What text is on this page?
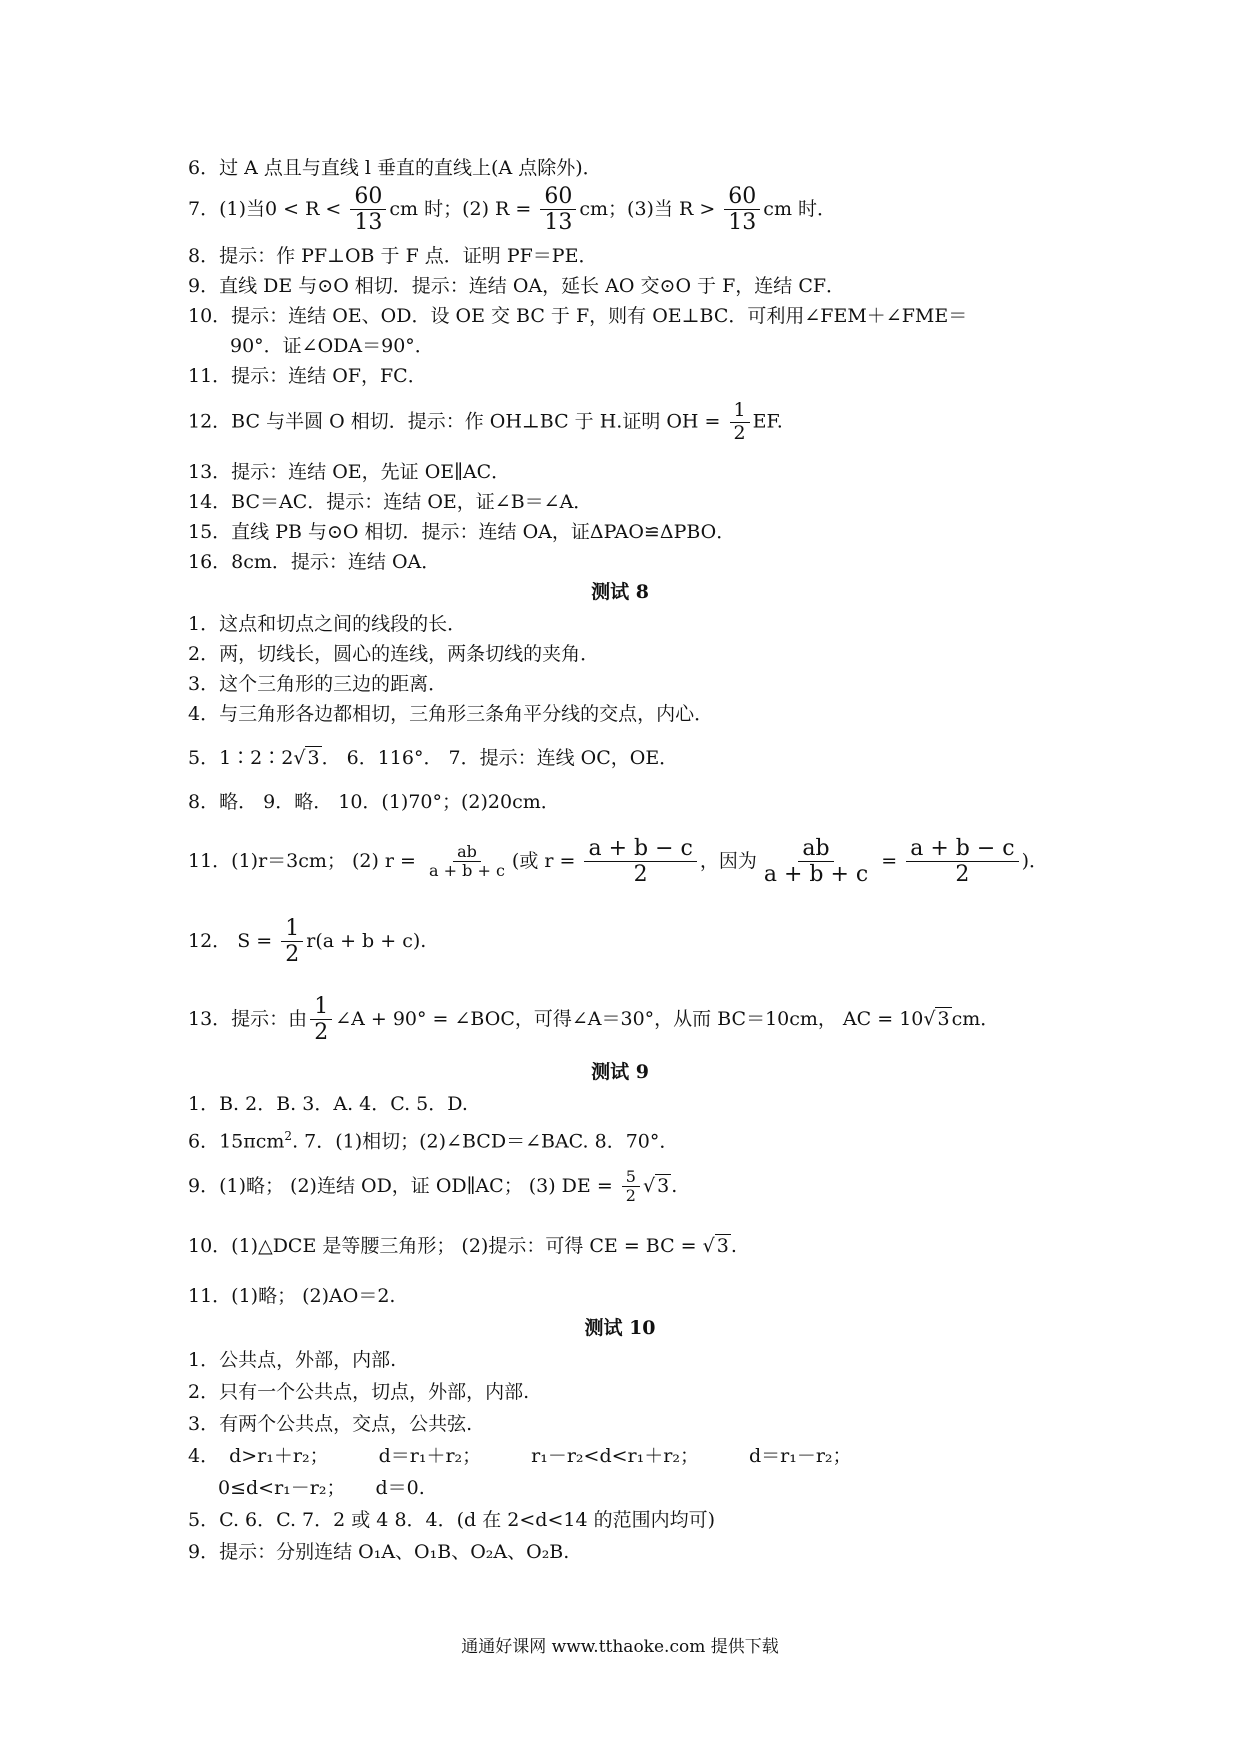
6．过 A 点且与直线 l 垂直的直线上(A 点除外)．
7．(1)当$0 < R < \frac{60}{13}$ cm 时；(2) $R = \frac{60}{13}$ cm；(3)当 $R > \frac{60}{13}$ cm 时．
8．提示：作 PF⊥OB 于 F 点．证明 PF＝PE．
9．直线 DE 与⊙O 相切．提示：连结 OA，延长 AO 交⊙O 于 F，连结 CF．
10．提示：连结 OE、OD．设 OE 交 BC 于 F，则有 OE⊥BC．可利用∠FEM＋∠FME＝
90°．证∠ODA＝90°．
11．提示：连结 OF，FC．
12．BC 与半圆 O 相切．提示：作 OH⊥BC 于 H.证明 OH = $\frac{1}{2}$ EF.
13．提示：连结 OE，先证 OE∥AC．
14．BC＝AC．提示：连结 OE，证∠B＝∠A．
15．直线 PB 与⊙O 相切．提示：连结 OA，证ΔPAO≌ΔPBO．
16．8cm．提示：连结 OA．
测试 8
1．这点和切点之间的线段的长．
2．两，切线长，圆心的连线，两条切线的夹角．
3．这个三角形的三边的距离．
4．与三角形各边都相切，三角形三条角平分线的交点，内心．
5．1∶2∶2√ 3 ． 6．116°． 7．提示：连线 OC，OE．
8．略． 9．略． 10．(1)70°；(2)20cm．
11．(1)r＝3cm； (2) $r = \frac{ab}{a + b + c}$ (或 $r = \frac{a + b - c}{2}$ ，因为 $\frac{ab}{a + b + c} = \frac{a + b - c}{2}$ )．
12． $S = \frac{1}{2} r(a + b + c)$.
13．提示：由 $\frac{1}{2}$ ∠A + 90° = ∠BOC，可得∠A＝30°，从而 BC＝10cm， AC = 10√ 3 cm．
测试 9
1．B. 2．B. 3．A. 4．C. 5．D.
6．15πcm$^2$. 7．(1)相切；(2)∠BCD＝∠BAC. 8．70°．
9．(1)略； (2)连结 OD，证 OD∥AC； (3) DE = $\frac{5}{2}$ √ 3 .
10．(1)△DCE 是等腰三角形； (2)提示：可得 CE = BC = √ 3 .
11．(1)略； (2)AO＝2.
测试 10
1．公共点，外部，内部.
2．只有一个公共点，切点，外部，内部.
3．有两个公共点，交点，公共弦.
4． d>r₁＋r₂；	d＝r₁＋r₂；	r₁－r₂<d<r₁＋r₂；	d＝r₁－r₂；
0≤d<r₁－r₂； d＝0.
5．C. 6．C. 7．2 或 4 8．4．(d 在 2<d<14 的范围内均可)
9．提示：分别连结 O₁A、O₁B、O₂A、O₂B.
通通好课网 www.tthaoke.com 提供下载
